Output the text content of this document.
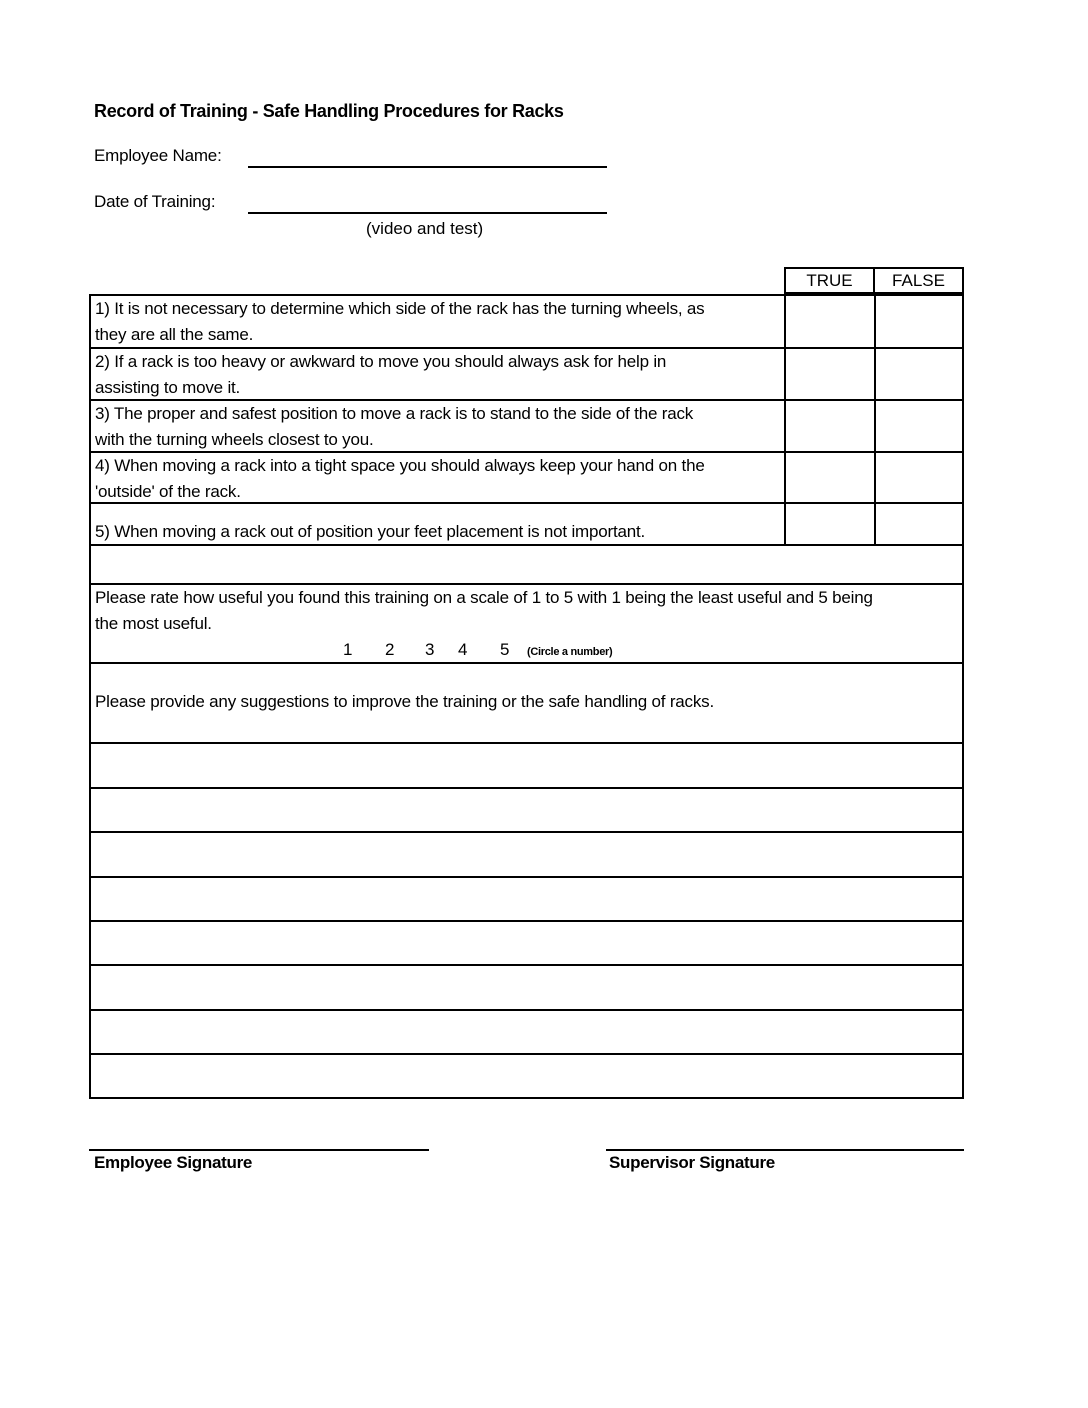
Record of Training - Safe Handling Procedures for Racks
Employee Name:
Date of Training:
(video and test)
TRUE	FALSE
1) It is not necessary to determine which side of the rack has the turning wheels, as
they are all the same.
2) If a rack is too heavy or awkward to move you should always ask for help in
assisting to move it.
3) The proper and safest position to move a rack is to stand to the side of the rack
with the turning wheels closest to you.
4) When moving a rack into a tight space you should always keep your hand on the
'outside' of the rack.
5) When moving a rack out of position your feet placement is not important.
Please rate how useful you found this training on a scale of 1 to 5 with 1 being the least useful and 5 being
the most useful.
1 2 3 4 5 (Circle a number)
Please provide any suggestions to improve the training or the safe handling of racks.
Employee Signature	Supervisor Signature
